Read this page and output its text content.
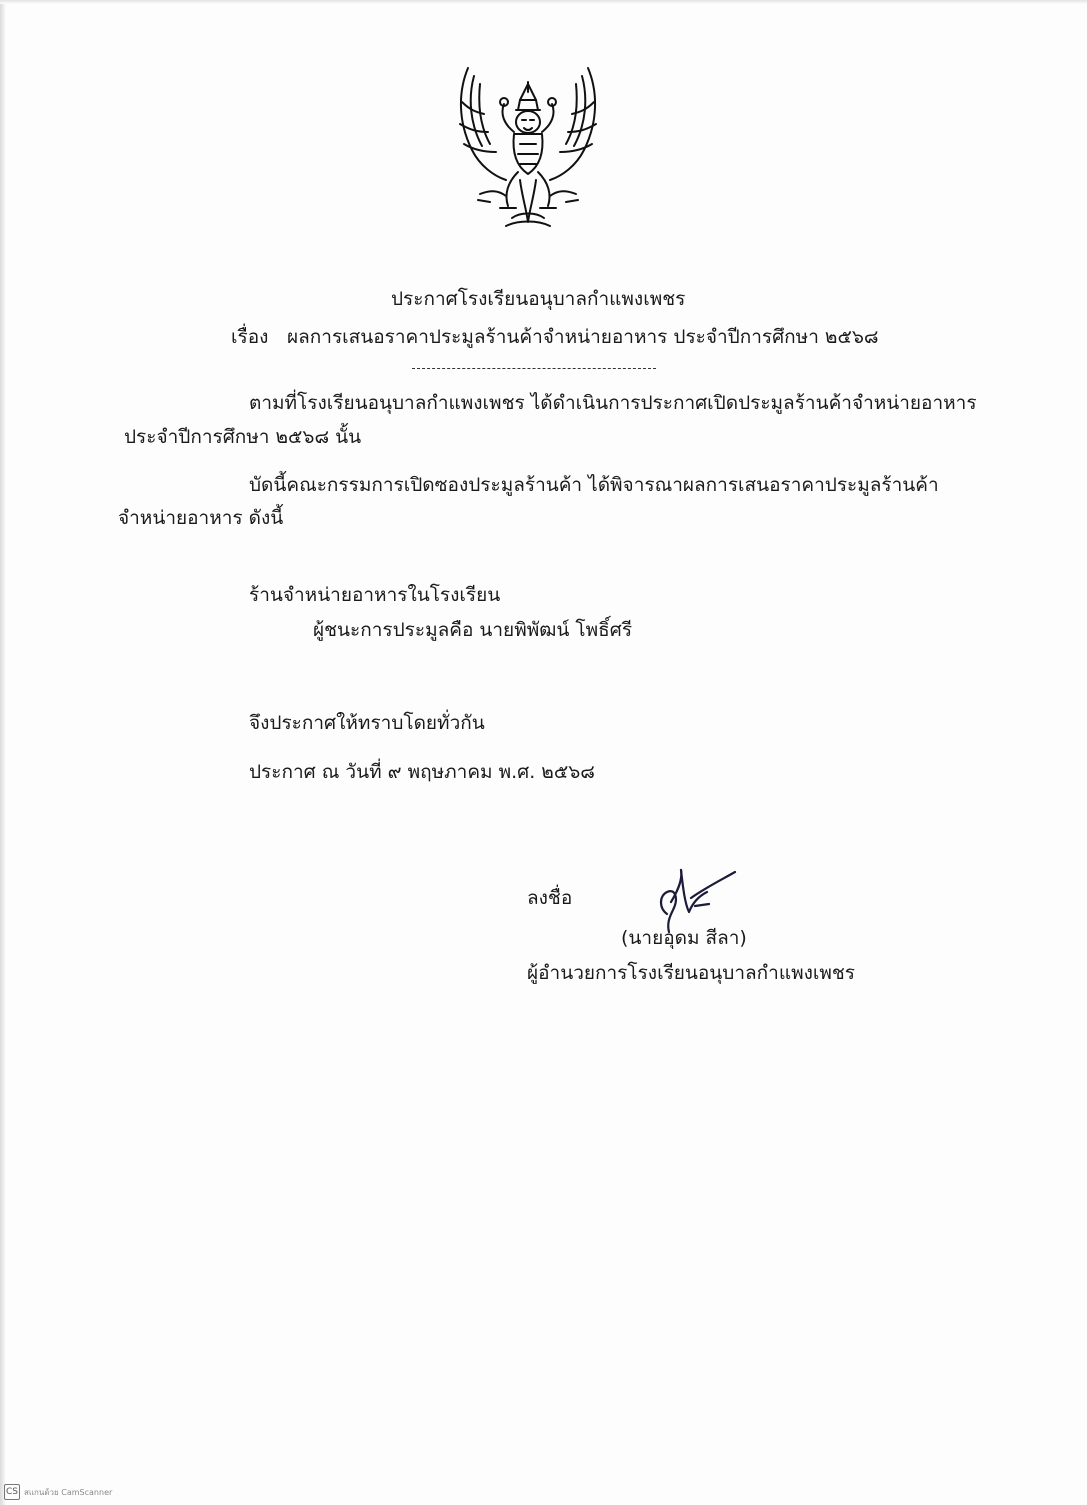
ประกาศโรงเรียนอนุบาลกำแพงเพชร
เรื่อง ผลการเสนอราคาประมูลร้านค้าจำหน่ายอาหาร ประจำปีการศึกษา ๒๕๖๘
ตามที่โรงเรียนอนุบาลกำแพงเพชร ได้ดำเนินการประกาศเปิดประมูลร้านค้าจำหน่ายอาหาร
ประจำปีการศึกษา ๒๕๖๘ นั้น
บัดนี้คณะกรรมการเปิดซองประมูลร้านค้า ได้พิจารณาผลการเสนอราคาประมูลร้านค้า
จำหน่ายอาหาร ดังนี้
ร้านจำหน่ายอาหารในโรงเรียน
ผู้ชนะการประมูลคือ นายพิพัฒน์ โพธิ์ศรี
จึงประกาศให้ทราบโดยทั่วกัน
ประกาศ ณ วันที่ ๙ พฤษภาคม พ.ศ. ๒๕๖๘
ลงชื่อ
(นายอุดม สีลา)
ผู้อำนวยการโรงเรียนอนุบาลกำแพงเพชร
CS สแกนด้วย CamScanner
